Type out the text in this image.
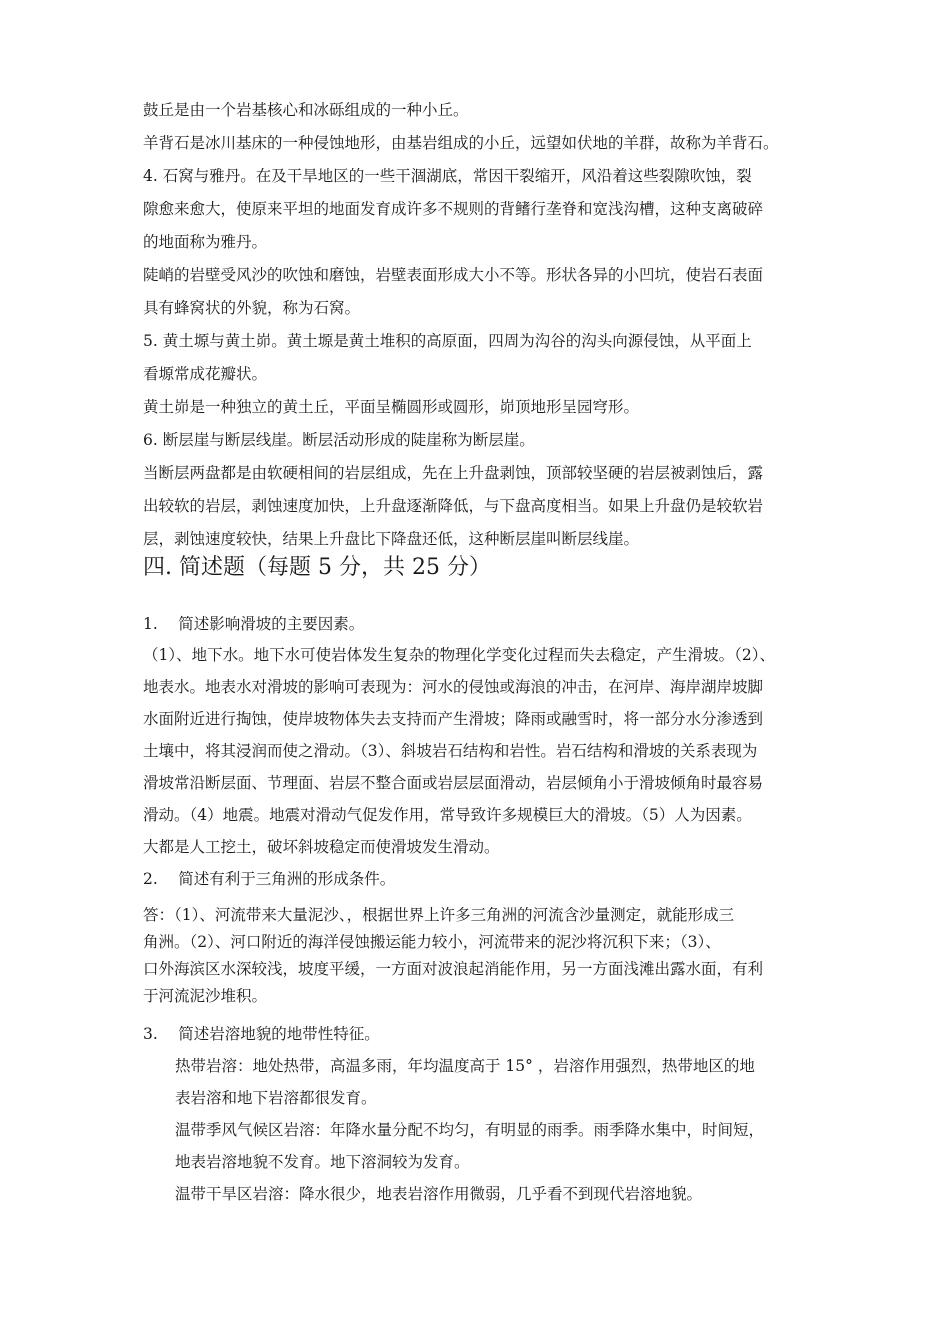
鼓丘是由一个岩基核心和冰砾组成的一种小丘。
羊背石是冰川基床的一种侵蚀地形，由基岩组成的小丘，远望如伏地的羊群，故称为羊背石。
4. 石窝与雅丹。在及干旱地区的一些干涸湖底，常因干裂缩开，风沿着这些裂隙吹蚀，裂
隙愈来愈大，使原来平坦的地面发育成许多不规则的背鳍行垄脊和宽浅沟槽，这种支离破碎
的地面称为雅丹。
陡峭的岩壁受风沙的吹蚀和磨蚀，岩壁表面形成大小不等。形状各异的小凹坑，使岩石表面
具有蜂窝状的外貌，称为石窝。
5. 黄土塬与黄土峁。黄土塬是黄土堆积的高原面，四周为沟谷的沟头向源侵蚀，从平面上
看塬常成花瓣状。
黄土峁是一种独立的黄土丘，平面呈椭圆形或圆形，峁顶地形呈园穹形。
6. 断层崖与断层线崖。断层活动形成的陡崖称为断层崖。
当断层两盘都是由软硬相间的岩层组成，先在上升盘剥蚀，顶部较坚硬的岩层被剥蚀后，露
出较软的岩层，剥蚀速度加快，上升盘逐渐降低，与下盘高度相当。如果上升盘仍是较软岩
层，剥蚀速度较快，结果上升盘比下降盘还低，这种断层崖叫断层线崖。
四. 简述题（每题 5 分，共 25 分）
1.　 简述影响滑坡的主要因素。
（1）、地下水。地下水可使岩体发生复杂的物理化学变化过程而失去稳定，产生滑坡。（2）、
地表水。地表水对滑坡的影响可表现为：河水的侵蚀或海浪的冲击，在河岸、海岸湖岸坡脚
水面附近进行掏蚀，使岸坡物体失去支持而产生滑坡；降雨或融雪时，将一部分水分渗透到
土壤中，将其浸润而使之滑动。（3）、斜坡岩石结构和岩性。岩石结构和滑坡的关系表现为
滑坡常沿断层面、节理面、岩层不整合面或岩层层面滑动，岩层倾角小于滑坡倾角时最容易
滑动。（4）地震。地震对滑动气促发作用，常导致许多规模巨大的滑坡。（5）人为因素。
大都是人工挖土，破坏斜坡稳定而使滑坡发生滑动。
2.　 简述有利于三角洲的形成条件。
答：（1）、河流带来大量泥沙、，根据世界上许多三角洲的河流含沙量测定，就能形成三
角洲。（2）、河口附近的海洋侵蚀搬运能力较小，河流带来的泥沙将沉积下来；（3）、
口外海滨区水深较浅，坡度平缓，一方面对波浪起消能作用，另一方面浅滩出露水面，有利
于河流泥沙堆积。
3.　 简述岩溶地貌的地带性特征。
热带岩溶：地处热带，高温多雨，年均温度高于 15° ，岩溶作用强烈，热带地区的地
表岩溶和地下岩溶都很发育。
温带季风气候区岩溶：年降水量分配不均匀，有明显的雨季。雨季降水集中，时间短，
地表岩溶地貌不发育。地下溶洞较为发育。
温带干旱区岩溶：降水很少，地表岩溶作用微弱，几乎看不到现代岩溶地貌。
